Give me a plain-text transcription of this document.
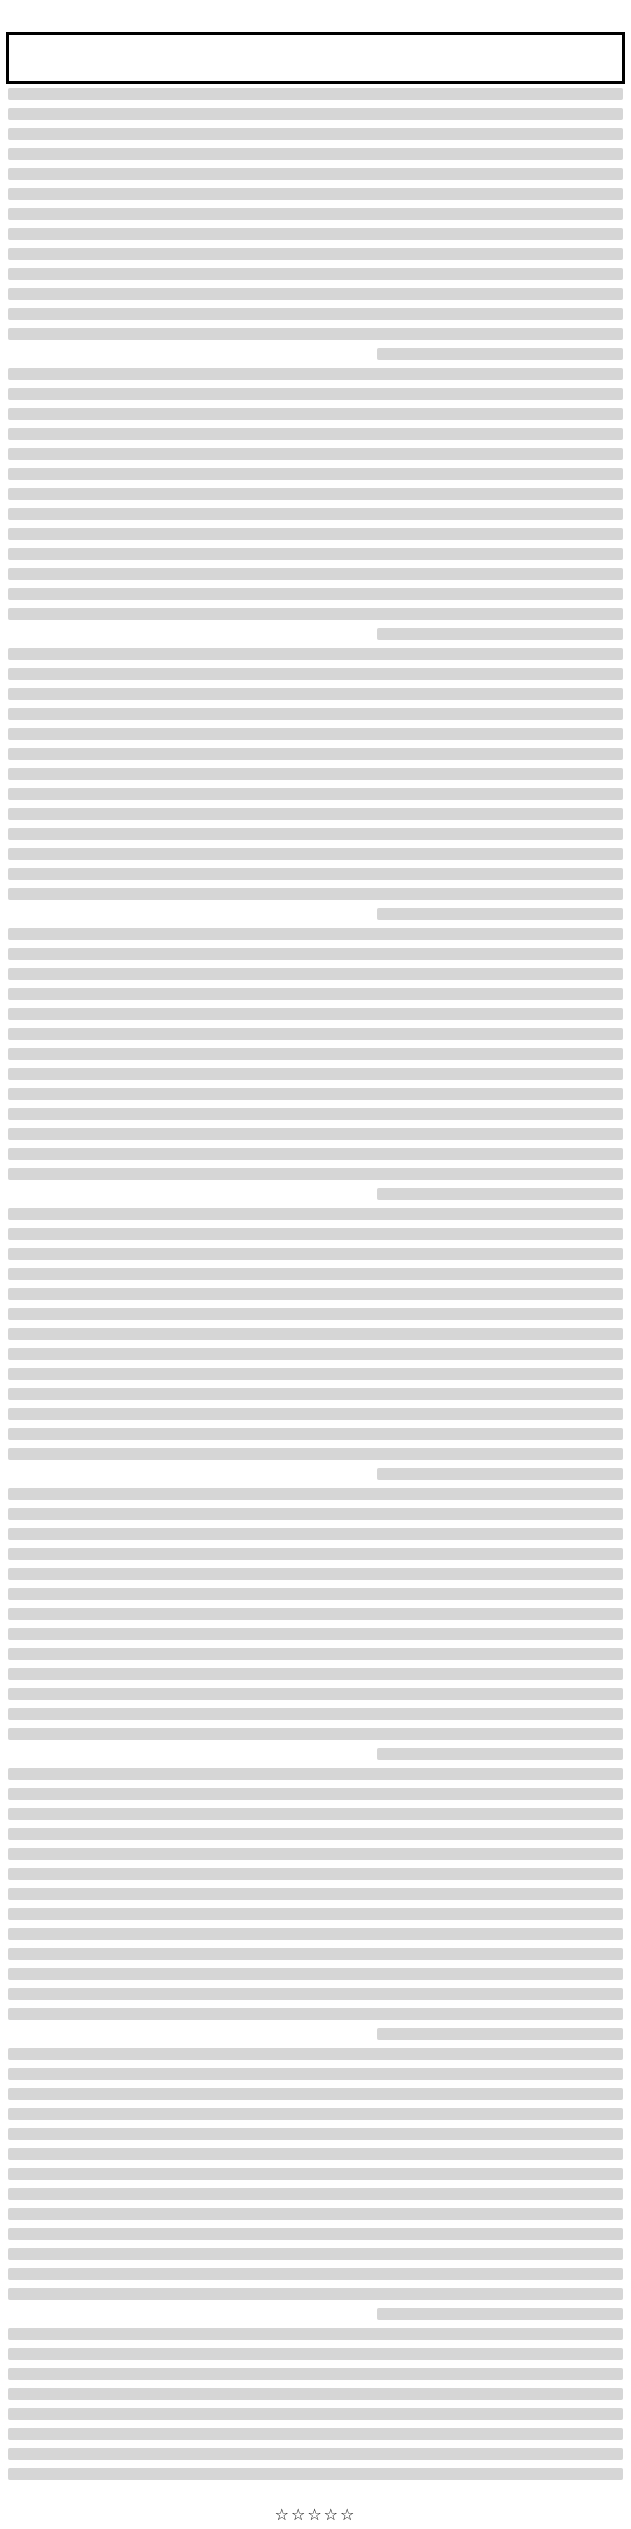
☆☆☆☆☆
